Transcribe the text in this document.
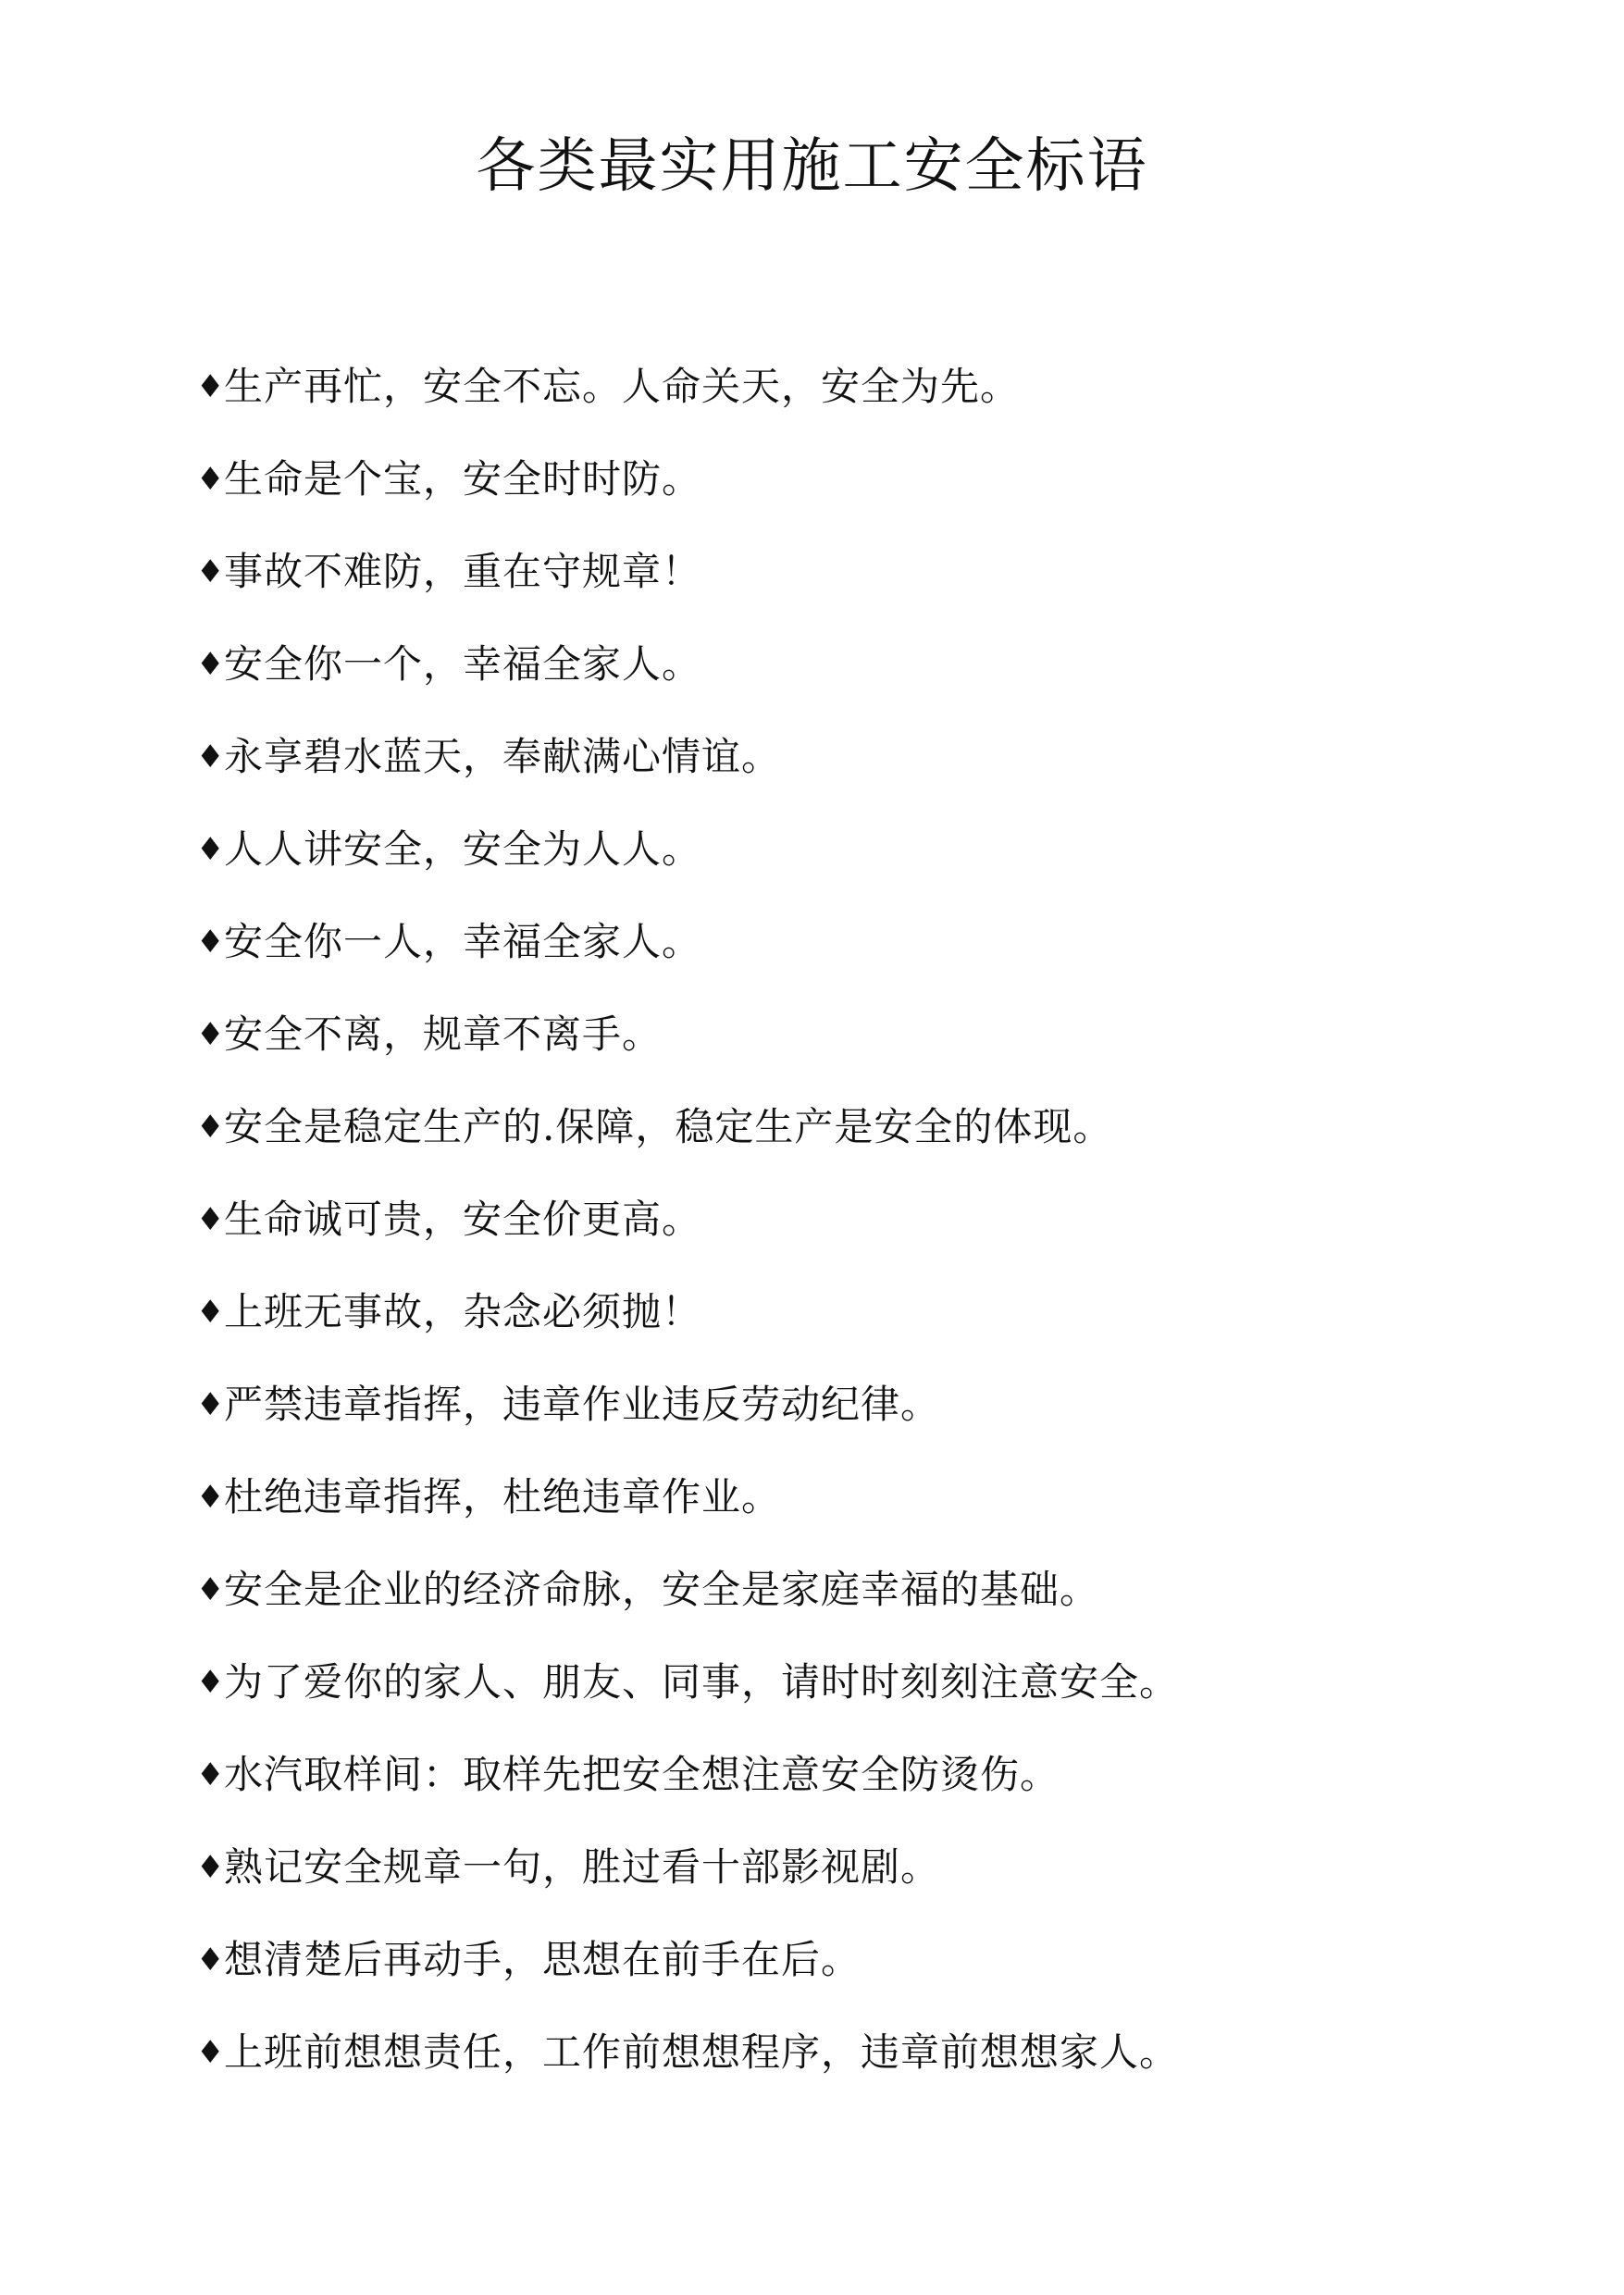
各类最实用施工安全标语
♦ 生产再忙，安全不忘。人命关天，安全为先。
♦ 生命是个宝，安全时时防。
♦ 事故不难防，重在守规章！
♦ 安全你一个，幸福全家人。
♦ 永享碧水蓝天，奉献满心情谊。
♦ 人人讲安全，安全为人人。
♦ 安全你一人，幸福全家人。
♦ 安全不离，规章不离手。
♦ 安全是稳定生产的.保障，稳定生产是安全的体现。
♦ 生命诚可贵，安全价更高。
♦ 上班无事故，杂念必须抛！
♦ 严禁违章指挥，违章作业违反劳动纪律。
♦ 杜绝违章指挥，杜绝违章作业。
♦ 安全是企业的经济命脉，安全是家庭幸福的基础。
♦ 为了爱你的家人、朋友、同事，请时时刻刻注意安全。
♦ 水汽取样间：取样先把安全想注意安全防烫伤。
♦ 熟记安全规章一句，胜过看十部影视剧。
♦ 想清楚后再动手，思想在前手在后。
♦ 上班前想想责任，工作前想想程序，违章前想想家人。
